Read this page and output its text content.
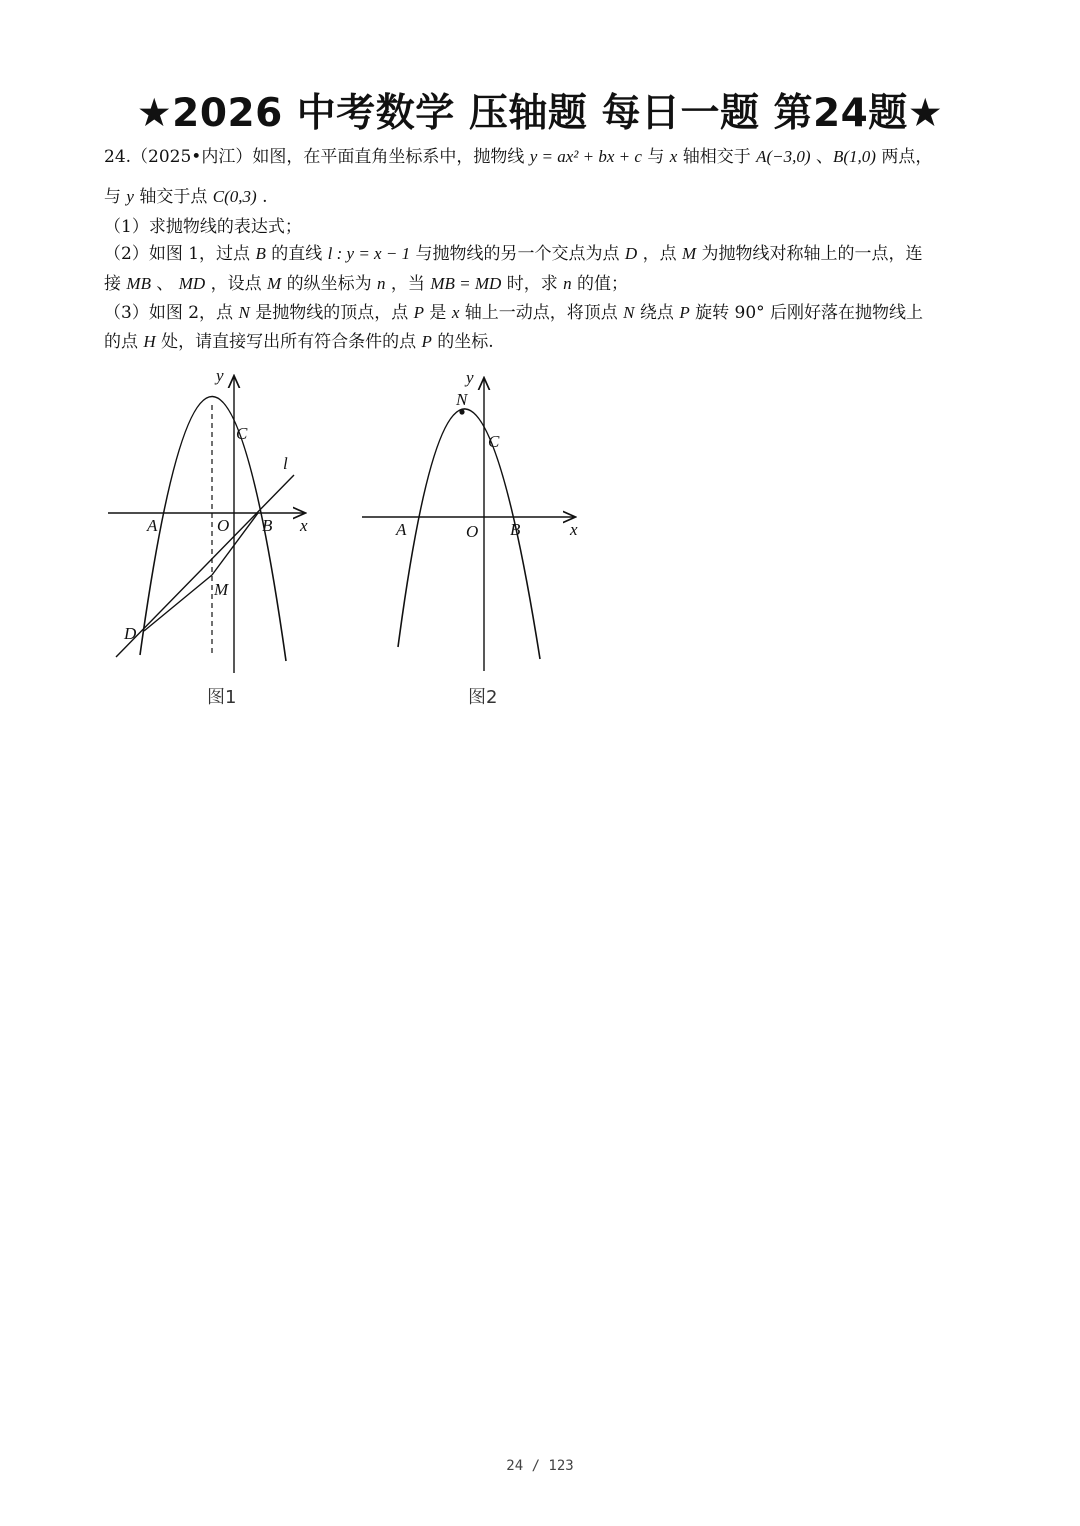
★2026 中考数学 压轴题 每日一题 第24题★
24.（2025•内江）如图，在平面直角坐标系中，抛物线 y = ax² + bx + c 与 x 轴相交于 A(−3,0) 、B(1,0) 两点，
与 y 轴交于点 C(0,3) .
（1）求抛物线的表达式；
（2）如图 1，过点 B 的直线 l : y = x − 1 与抛物线的另一个交点为点 D ，点 M 为抛物线对称轴上的一点，连
接 MB 、 MD ，设点 M 的纵坐标为 n ，当 MB = MD 时，求 n 的值；
（3）如图 2，点 N 是抛物线的顶点，点 P 是 x 轴上一动点，将顶点 N 绕点 P 旋转 90° 后刚好落在抛物线上
的点 H 处，请直接写出所有符合条件的点 P 的坐标.
y
x
C
l
A	O B
M
D
图1
y
x
N
C
A	O B
图2
24 / 123
